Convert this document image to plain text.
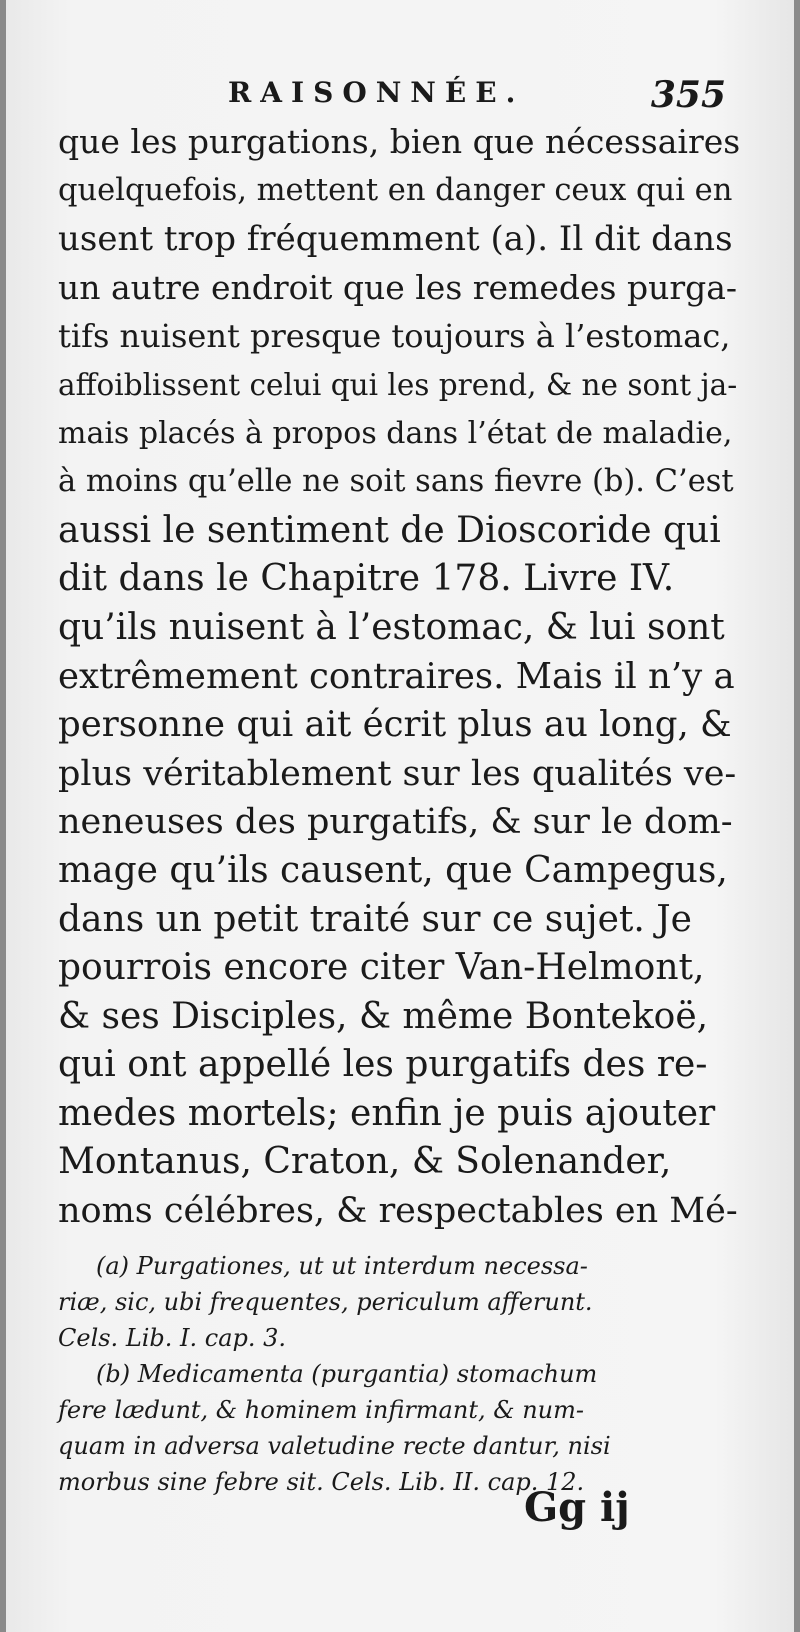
RAISONNÉE.	355
que les purgations, bien que nécessaires
quelquefois, mettent en danger ceux qui en
usent trop fréquemment (a). Il dit dans
un autre endroit que les remedes purga-
tifs nuisent presque toujours à l’estomac,
affoiblissent celui qui les prend, & ne sont ja-
mais placés à propos dans l’état de maladie,
à moins qu’elle ne soit sans fievre (b). C’est
aussi le sentiment de Dioscoride qui
dit dans le Chapitre 178. Livre IV.
qu’ils nuisent à l’estomac, & lui sont
extrêmement contraires. Mais il n’y a
personne qui ait écrit plus au long, &
plus véritablement sur les qualités ve-
neneuses des purgatifs, & sur le dom-
mage qu’ils causent, que Campegus,
dans un petit traité sur ce sujet. Je
pourrois encore citer Van-Helmont,
& ses Disciples, & même Bontekoë,
qui ont appellé les purgatifs des re-
medes mortels; enfin je puis ajouter
Montanus, Craton, & Solenander,
noms célébres, & respectables en Mé-
(a) Purgationes, ut ut interdum necessa-
riæ, sic, ubi frequentes, periculum afferunt.
Cels. Lib. I. cap. 3.
(b) Medicamenta (purgantia) stomachum
fere lædunt, & hominem infirmant, & num-
quam in adversa valetudine recte dantur, nisi
morbus sine febre sit. Cels. Lib. II. cap. 12.
Gg ij
